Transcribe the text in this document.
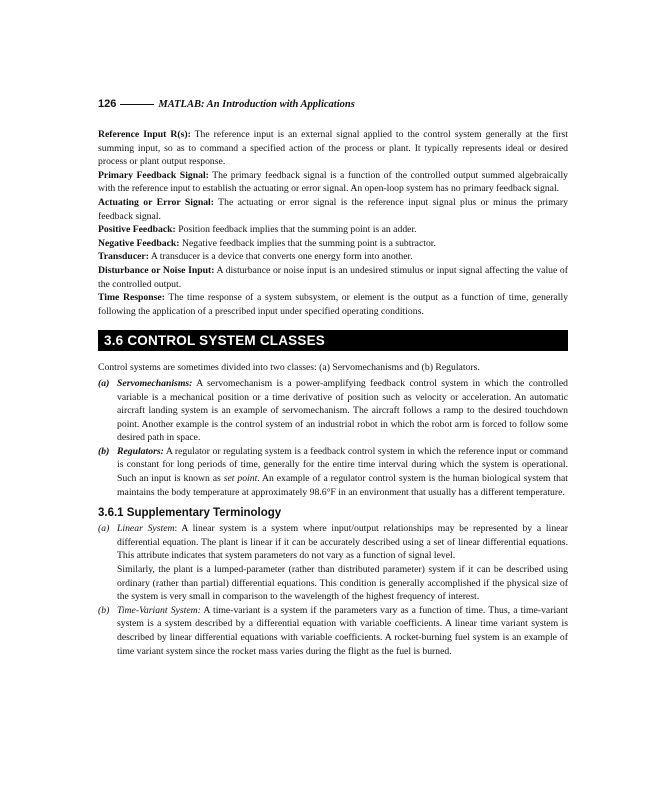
126	MATLAB: An Introduction with Applications

Reference Input R(s): The reference input is an external signal applied to the control system generally at the first summing input, so as to command a specified action of the process or plant. It typically represents ideal or desired process or plant output response.

Primary Feedback Signal: The primary feedback signal is a function of the controlled output summed algebraically with the reference input to establish the actuating or error signal. An open-loop system has no primary feedback signal.

Actuating or Error Signal: The actuating or error signal is the reference input signal plus or minus the primary feedback signal.

Positive Feedback: Position feedback implies that the summing point is an adder.

Negative Feedback: Negative feedback implies that the summing point is a subtractor.

Transducer: A transducer is a device that converts one energy form into another.

Disturbance or Noise Input: A disturbance or noise input is an undesired stimulus or input signal affecting the value of the controlled output.

Time Response: The time response of a system subsystem, or element is the output as a function of time, generally following the application of a prescribed input under specified operating conditions.

3.6 CONTROL SYSTEM CLASSES

Control systems are sometimes divided into two classes: (a) Servomechanisms and (b) Regulators.

(a) Servomechanisms: A servomechanism is a power-amplifying feedback control system in which the controlled variable is a mechanical position or a time derivative of position such as velocity or acceleration. An automatic aircraft landing system is an example of servomechanism. The aircraft follows a ramp to the desired touchdown point. Another example is the control system of an industrial robot in which the robot arm is forced to follow some desired path in space.

(b) Regulators: A regulator or regulating system is a feedback control system in which the reference input or command is constant for long periods of time, generally for the entire time interval during which the system is operational. Such an input is known as set point. An example of a regulator control system is the human biological system that maintains the body temperature at approximately 98.6°F in an environment that usually has a different temperature.

3.6.1 Supplementary Terminology
(a) Linear System: A linear system is a system where input/output relationships may be represented by a linear differential equation. The plant is linear if it can be accurately described using a set of linear differential equations. This attribute indicates that system parameters do not vary as a function of signal level.

Similarly, the plant is a lumped-parameter (rather than distributed parameter) system if it can be described using ordinary (rather than partial) differential equations. This condition is generally accomplished if the physical size of the system is very small in comparison to the wavelength of the highest frequency of interest.

(b) Time-Variant System: A time-variant is a system if the parameters vary as a function of time. Thus, a time-variant system is a system described by a differential equation with variable coefficients. A linear time variant system is described by linear differential equations with variable coefficients. A rocket-burning fuel system is an example of time variant system since the rocket mass varies during the flight as the fuel is burned.
